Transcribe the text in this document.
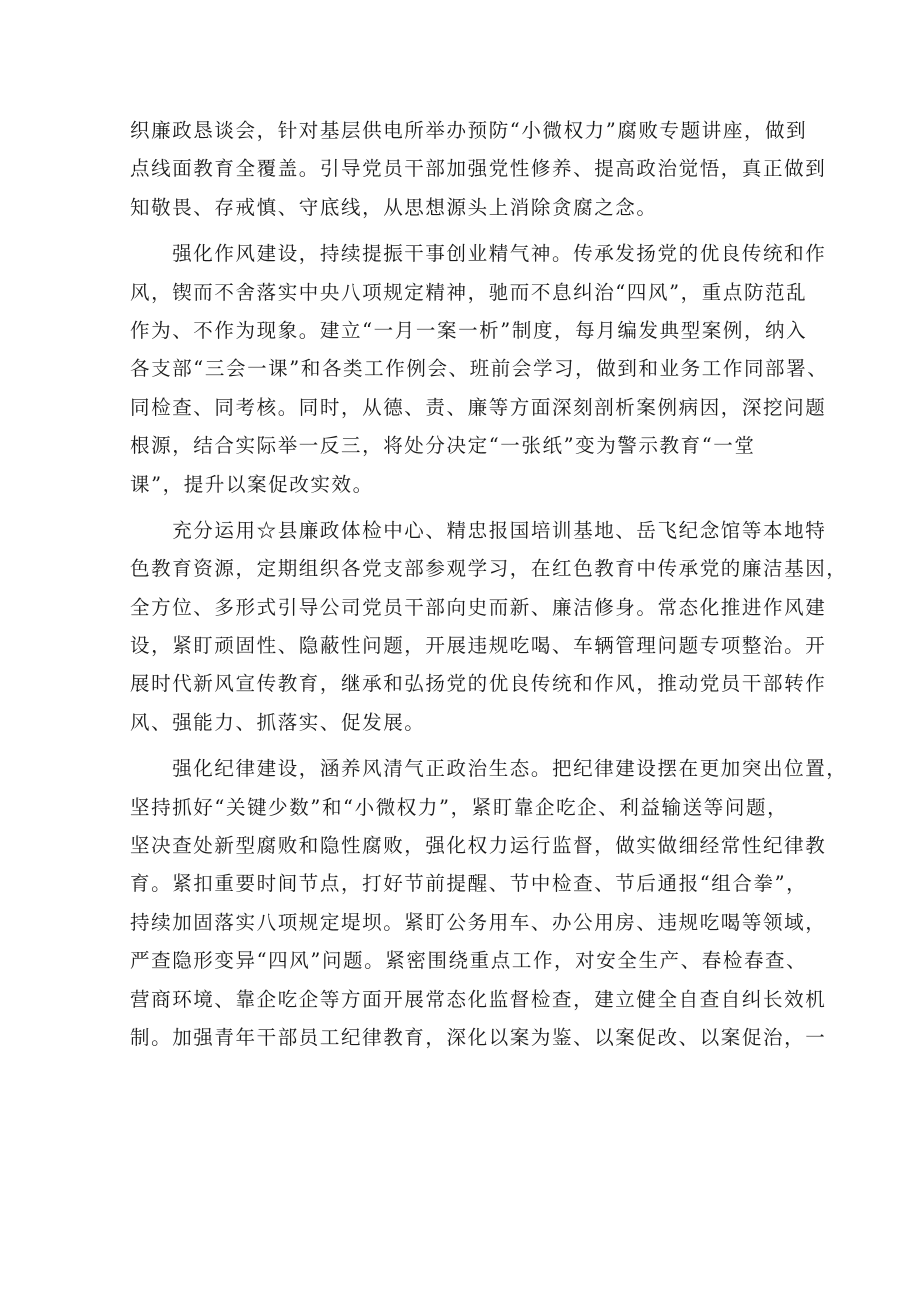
织廉政恳谈会，针对基层供电所举办预防“小微权力”腐败专题讲座，做到
点线面教育全覆盖。引导党员干部加强党性修养、提高政治觉悟，真正做到
知敬畏、存戒慎、守底线，从思想源头上消除贪腐之念。
　　强化作风建设，持续提振干事创业精气神。传承发扬党的优良传统和作
风，锲而不舍落实中央八项规定精神，驰而不息纠治“四风”，重点防范乱
作为、不作为现象。建立“一月一案一析”制度，每月编发典型案例，纳入
各支部“三会一课”和各类工作例会、班前会学习，做到和业务工作同部署、
同检查、同考核。同时，从德、责、廉等方面深刻剖析案例病因，深挖问题
根源，结合实际举一反三，将处分决定“一张纸”变为警示教育“一堂
课”，提升以案促改实效。
　　充分运用☆县廉政体检中心、精忠报国培训基地、岳飞纪念馆等本地特
色教育资源，定期组织各党支部参观学习，在红色教育中传承党的廉洁基因，
全方位、多形式引导公司党员干部向史而新、廉洁修身。常态化推进作风建
设，紧盯顽固性、隐蔽性问题，开展违规吃喝、车辆管理问题专项整治。开
展时代新风宣传教育，继承和弘扬党的优良传统和作风，推动党员干部转作
风、强能力、抓落实、促发展。
　　强化纪律建设，涵养风清气正政治生态。把纪律建设摆在更加突出位置，
坚持抓好“关键少数”和“小微权力”，紧盯靠企吃企、利益输送等问题，
坚决查处新型腐败和隐性腐败，强化权力运行监督，做实做细经常性纪律教
育。紧扣重要时间节点，打好节前提醒、节中检查、节后通报“组合拳”，
持续加固落实八项规定堤坝。紧盯公务用车、办公用房、违规吃喝等领域，
严查隐形变异“四风”问题。紧密围绕重点工作，对安全生产、春检春查、
营商环境、靠企吃企等方面开展常态化监督检查，建立健全自查自纠长效机
制。加强青年干部员工纪律教育，深化以案为鉴、以案促改、以案促治，一
